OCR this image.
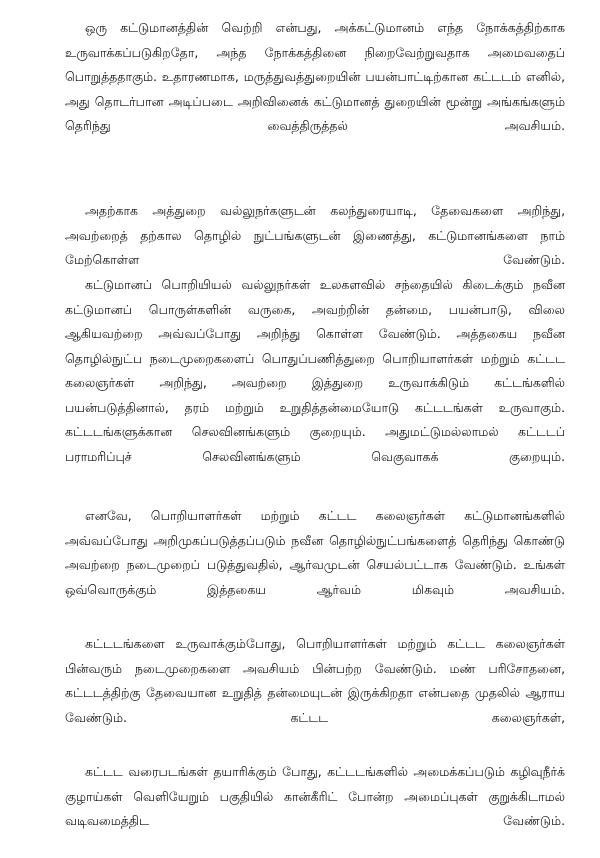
ஒரு கட்டுமானத்தின் வெற்றி என்பது, அக்கட்டுமானம் எந்த நோக்கத்திற்காக உருவாக்கப்படுகிறதோ, அந்த நோக்கத்தினை நிறைவேற்றுவதாக அமைவதைப் பொறுத்ததாகும். உதாரணமாக, மருத்துவத்துறையின் பயன்பாட்டிற்கான கட்டடம் எனில், அது தொடர்பான அடிப்படை அறிவினைக் கட்டுமானத் துறையின் மூன்று அங்கங்களும் தெரிந்து வைத்திருத்தல் அவசியம்.

அதற்காக அத்துறை வல்லுநர்களுடன் கலந்துரையாடி, தேவைகளை அறிந்து, அவற்றைத் தற்கால தொழில் நுட்பங்களுடன் இணைத்து, கட்டுமானங்களை நாம் மேற்கொள்ள வேண்டும்.

கட்டுமானப் பொறியியல் வல்லுநர்கள் உலகளவில் சந்தையில் கிடைக்கும் நவீன கட்டுமானப் பொருள்களின் வருகை, அவற்றின் தன்மை, பயன்பாடு, விலை ஆகியவற்றை அவ்வப்போது அறிந்து கொள்ள வேண்டும். அத்தகைய நவீன தொழில்நுட்ப நடைமுறைகளைப் பொதுப்பணித்துறை பொறியாளர்கள் மற்றும் கட்டட கலைஞர்கள் அறிந்து, அவற்றை இத்துறை உருவாக்கிடும் கட்டங்களில் பயன்படுத்தினால், தரம் மற்றும் உறுதித்தன்மையோடு கட்டடங்கள் உருவாகும். கட்டடங்களுக்கான செலவினங்களும் குறையும். அதுமட்டுமல்லாமல் கட்டடப் பராமரிப்புச் செலவினங்களும் வெகுவாகக் குறையும்.

எனவே, பொறியாளர்கள் மற்றும் கட்டட கலைஞர்கள் கட்டுமானங்களில் அவ்வப்போது அறிமுகப்படுத்தப்படும் நவீன தொழில்நுட்பங்களைத் தெரிந்து கொண்டு அவற்றை நடைமுறைப் படுத்துவதில், ஆர்வமுடன் செயல்பட்டாக வேண்டும். உங்கள் ஒவ்வொருக்கும் இத்தகைய ஆர்வம் மிகவும் அவசியம்.

கட்டடங்களை உருவாக்கும்போது, பொறியாளர்கள் மற்றும் கட்டட கலைஞர்கள் பின்வரும் நடைமுறைகளை அவசியம் பின்பற்ற வேண்டும். மண் பரிசோதனை, கட்டடத்திற்கு தேவையான உறுதித் தன்மையுடன் இருக்கிறதா என்பதை முதலில் ஆராய வேண்டும். கட்டட கலைஞர்கள்,

கட்டட வரைபடங்கள் தயாரிக்கும் போது, கட்டடங்களில் அமைக்கப்படும் கழிவுநீர்க் குழாய்கள் வெளியேறும் பகுதியில் கான்கீரிட் போன்ற அமைப்புகள் குறுக்கிடாமல் வடிவமைத்திட வேண்டும்.
